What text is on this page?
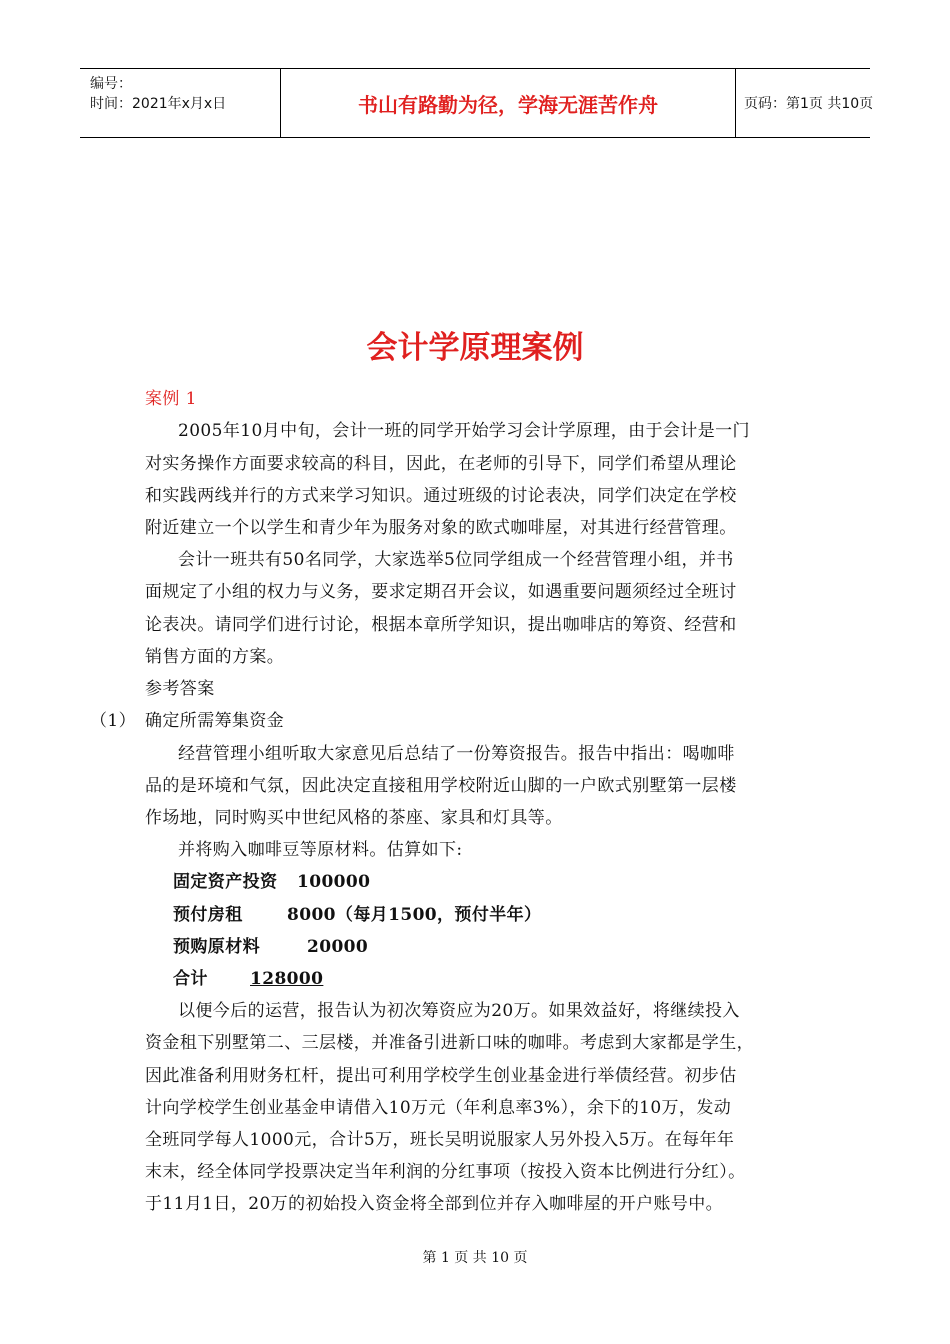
编号：
时间：2021年x月x日	书山有路勤为径，学海无涯苦作舟	页码：第1页 共10页
会计学原理案例
案例 1
2005年10月中旬，会计一班的同学开始学习会计学原理，由于会计是一门
对实务操作方面要求较高的科目，因此，在老师的引导下，同学们希望从理论
和实践两线并行的方式来学习知识。通过班级的讨论表决，同学们决定在学校
附近建立一个以学生和青少年为服务对象的欧式咖啡屋，对其进行经营管理。
会计一班共有50名同学，大家选举5位同学组成一个经营管理小组，并书
面规定了小组的权力与义务，要求定期召开会议，如遇重要问题须经过全班讨
论表决。请同学们进行讨论，根据本章所学知识，提出咖啡店的筹资、经营和
销售方面的方案。
参考答案
（1） 确定所需筹集资金
经营管理小组听取大家意见后总结了一份筹资报告。报告中指出：喝咖啡
品的是环境和气氛，因此决定直接租用学校附近山脚的一户欧式别墅第一层楼
作场地，同时购买中世纪风格的茶座、家具和灯具等。
并将购入咖啡豆等原材料。估算如下:
固定资产投资 100000
预付房租	8000（每月1500，预付半年）
预购原材料	20000
合计 128000
以便今后的运营，报告认为初次筹资应为20万。如果效益好，将继续投入
资金租下别墅第二、三层楼，并准备引进新口味的咖啡。考虑到大家都是学生，
因此准备利用财务杠杆，提出可利用学校学生创业基金进行举债经营。初步估
计向学校学生创业基金申请借入10万元（年利息率3%），余下的10万，发动
全班同学每人1000元，合计5万，班长吴明说服家人另外投入5万。在每年年
末末，经全体同学投票决定当年利润的分红事项（按投入资本比例进行分红）。
于11月1日，20万的初始投入资金将全部到位并存入咖啡屋的开户账号中。
第 1 页 共 10 页
